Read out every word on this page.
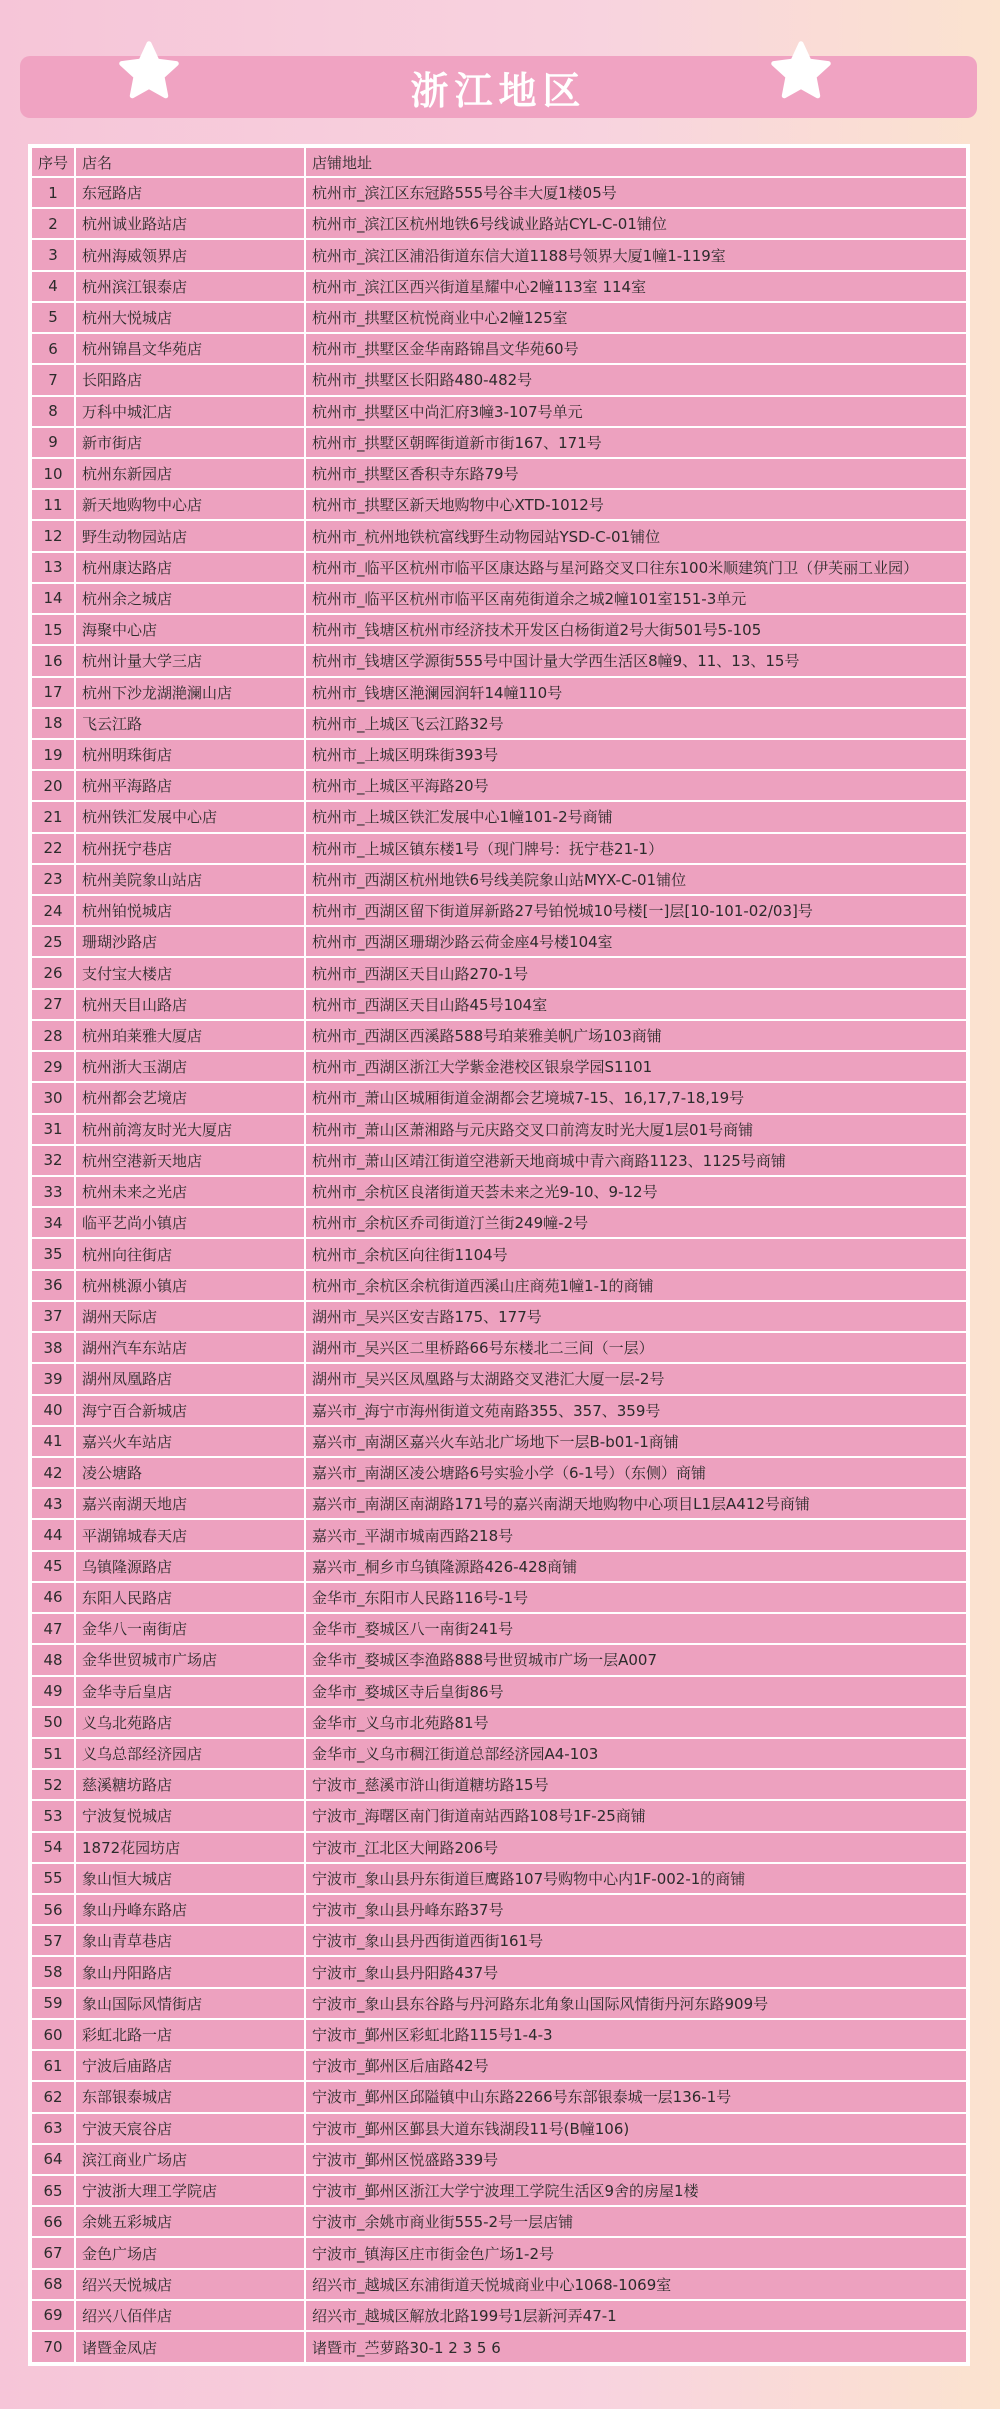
浙江地区
序号	店名	店铺地址
1	东冠路店	杭州市_滨江区东冠路555号谷丰大厦1楼05号
2	杭州诚业路站店	杭州市_滨江区杭州地铁6号线诚业路站CYL-C-01铺位
3	杭州海威领界店	杭州市_滨江区浦沿街道东信大道1188号领界大厦1幢1-119室
4	杭州滨江银泰店	杭州市_滨江区西兴街道星耀中心2幢113室 114室
5	杭州大悦城店	杭州市_拱墅区杭悦商业中心2幢125室
6	杭州锦昌文华苑店	杭州市_拱墅区金华南路锦昌文华苑60号
7	长阳路店	杭州市_拱墅区长阳路480-482号
8	万科中城汇店	杭州市_拱墅区中尚汇府3幢3-107号单元
9	新市街店	杭州市_拱墅区朝晖街道新市街167、171号
10	杭州东新园店	杭州市_拱墅区香积寺东路79号
11	新天地购物中心店	杭州市_拱墅区新天地购物中心XTD-1012号
12	野生动物园站店	杭州市_杭州地铁杭富线野生动物园站YSD-C-01铺位
13	杭州康达路店	杭州市_临平区杭州市临平区康达路与星河路交叉口往东100米顺建筑门卫（伊芙丽工业园）
14	杭州余之城店	杭州市_临平区杭州市临平区南苑街道余之城2幢101室151-3单元
15	海聚中心店	杭州市_钱塘区杭州市经济技术开发区白杨街道2号大街501号5-105
16	杭州计量大学三店	杭州市_钱塘区学源街555号中国计量大学西生活区8幢9、11、13、15号
17	杭州下沙龙湖滟澜山店	杭州市_钱塘区滟澜园润轩14幢110号
18	飞云江路	杭州市_上城区飞云江路32号
19	杭州明珠街店	杭州市_上城区明珠街393号
20	杭州平海路店	杭州市_上城区平海路20号
21	杭州铁汇发展中心店	杭州市_上城区铁汇发展中心1幢101-2号商铺
22	杭州抚宁巷店	杭州市_上城区镇东楼1号（现门牌号：抚宁巷21-1）
23	杭州美院象山站店	杭州市_西湖区杭州地铁6号线美院象山站MYX-C-01铺位
24	杭州铂悦城店	杭州市_西湖区留下街道屏新路27号铂悦城10号楼[一]层[10-101-02/03]号
25	珊瑚沙路店	杭州市_西湖区珊瑚沙路云荷金座4号楼104室
26	支付宝大楼店	杭州市_西湖区天目山路270-1号
27	杭州天目山路店	杭州市_西湖区天目山路45号104室
28	杭州珀莱雅大厦店	杭州市_西湖区西溪路588号珀莱雅美帆广场103商铺
29	杭州浙大玉湖店	杭州市_西湖区浙江大学紫金港校区银泉学园S1101
30	杭州都会艺境店	杭州市_萧山区城厢街道金湖都会艺境城7-15、16,17,7-18,19号
31	杭州前湾友时光大厦店	杭州市_萧山区萧湘路与元庆路交叉口前湾友时光大厦1层01号商铺
32	杭州空港新天地店	杭州市_萧山区靖江街道空港新天地商城中青六商路1123、1125号商铺
33	杭州未来之光店	杭州市_余杭区良渚街道天荟未来之光9-10、9-12号
34	临平艺尚小镇店	杭州市_余杭区乔司街道汀兰街249幢-2号
35	杭州向往街店	杭州市_余杭区向往街1104号
36	杭州桃源小镇店	杭州市_余杭区余杭街道西溪山庄商苑1幢1-1的商铺
37	湖州天际店	湖州市_吴兴区安吉路175、177号
38	湖州汽车东站店	湖州市_吴兴区二里桥路66号东楼北二三间（一层）
39	湖州凤凰路店	湖州市_吴兴区凤凰路与太湖路交叉港汇大厦一层-2号
40	海宁百合新城店	嘉兴市_海宁市海州街道文苑南路355、357、359号
41	嘉兴火车站店	嘉兴市_南湖区嘉兴火车站北广场地下一层B-b01-1商铺
42	凌公塘路	嘉兴市_南湖区凌公塘路6号实验小学（6-1号）（东侧）商铺
43	嘉兴南湖天地店	嘉兴市_南湖区南湖路171号的嘉兴南湖天地购物中心项目L1层A412号商铺
44	平湖锦城春天店	嘉兴市_平湖市城南西路218号
45	乌镇隆源路店	嘉兴市_桐乡市乌镇隆源路426-428商铺
46	东阳人民路店	金华市_东阳市人民路116号-1号
47	金华八一南街店	金华市_婺城区八一南街241号
48	金华世贸城市广场店	金华市_婺城区李渔路888号世贸城市广场一层A007
49	金华寺后皇店	金华市_婺城区寺后皇街86号
50	义乌北苑路店	金华市_义乌市北苑路81号
51	义乌总部经济园店	金华市_义乌市稠江街道总部经济园A4-103
52	慈溪糖坊路店	宁波市_慈溪市浒山街道糖坊路15号
53	宁波复悦城店	宁波市_海曙区南门街道南站西路108号1F-25商铺
54	1872花园坊店	宁波市_江北区大闸路206号
55	象山恒大城店	宁波市_象山县丹东街道巨鹰路107号购物中心内1F-002-1的商铺
56	象山丹峰东路店	宁波市_象山县丹峰东路37号
57	象山青草巷店	宁波市_象山县丹西街道西街161号
58	象山丹阳路店	宁波市_象山县丹阳路437号
59	象山国际风情街店	宁波市_象山县东谷路与丹河路东北角象山国际风情街丹河东路909号
60	彩虹北路一店	宁波市_鄞州区彩虹北路115号1-4-3
61	宁波后庙路店	宁波市_鄞州区后庙路42号
62	东部银泰城店	宁波市_鄞州区邱隘镇中山东路2266号东部银泰城一层136-1号
63	宁波天宸谷店	宁波市_鄞州区鄞县大道东钱湖段11号(B幢106)
64	滨江商业广场店	宁波市_鄞州区悦盛路339号
65	宁波浙大理工学院店	宁波市_鄞州区浙江大学宁波理工学院生活区9舍的房屋1楼
66	余姚五彩城店	宁波市_余姚市商业街555-2号一层店铺
67	金色广场店	宁波市_镇海区庄市街金色广场1-2号
68	绍兴天悦城店	绍兴市_越城区东浦街道天悦城商业中心1068-1069室
69	绍兴八佰伴店	绍兴市_越城区解放北路199号1层新河弄47-1
70	诸暨金凤店	诸暨市_苎萝路30-1 2 3 5 6
